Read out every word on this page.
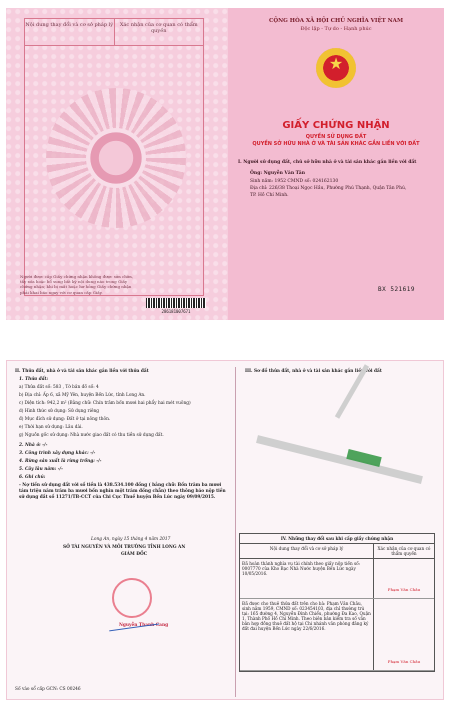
Nội dung thay đổi và cơ sở pháp lý	Xác nhận của cơ quan có thẩm quyền
Người được cấp Giấy chứng nhận không được sửa chữa, tẩy xóa hoặc bổ sung bất kỳ nội dung nào trong Giấy chứng nhận; khi bị mất hoặc hư hỏng Giấy chứng nhận phải khai báo ngay với cơ quan cấp Giấy.
286181007671
CỘNG HÒA XÃ HỘI CHỦ NGHĨA VIỆT NAM
Độc lập - Tự do - Hạnh phúc
★
GIẤY CHỨNG NHẬN
QUYỀN SỬ DỤNG ĐẤT
QUYỀN SỞ HỮU NHÀ Ở VÀ TÀI SẢN KHÁC GẮN LIỀN VỚI ĐẤT
I. Người sử dụng đất, chủ sở hữu nhà ở và tài sản khác gắn liền với đất
Ông: Nguyễn Văn Tân
Sinh năm: 1952 CMND số: 024162130
Địa chỉ: 226/38 Thoại Ngọc Hầu, Phường Phú Thạnh, Quận Tân Phú,
TP. Hồ Chí Minh.
BX 521619
II. Thửa đất, nhà ở và tài sản khác gắn liền với thửa đất
1. Thửa đất:
a) Thửa đất số: 583 , Tờ bản đồ số: 4
b) Địa chỉ: Ấp 6, xã Mỹ Yên, huyện Bến Lức, tỉnh Long An.
c) Diện tích: 942,2 m² (Bằng chữ: Chín trăm bốn mươi hai phẩy hai mét vuông)
d) Hình thức sử dụng: Sử dụng riêng
đ) Mục đích sử dụng: Đất ở tại nông thôn.
e) Thời hạn sử dụng: Lâu dài.
g) Nguồn gốc sử dụng: Nhà nước giao đất có thu tiền sử dụng đất.
2. Nhà ở: -/-
3. Công trình xây dựng khác: -/-
4. Rừng sản xuất là rừng trồng: -/-
5. Cây lâu năm: -/-
6. Ghi chú:
- Nợ tiền sử dụng đất với số tiền là 438.534.100 đồng ( bằng chữ: Bốn trăm ba mươi tám triệu năm trăm ba mươi bốn nghìn một trăm đồng chẵn) theo thông báo nộp tiền sử dụng đất số 11271/TB-CCT của Chi Cục Thuế huyện Bến Lức ngày 09/09/2015.
Long An, ngày 15 tháng 4 năm 2017
SỞ TÀI NGUYÊN VÀ MÔI TRƯỜNG TỈNH LONG AN
GIÁM ĐỐC
Nguyễn Thanh Cang
Số vào sổ cấp GCN: CS 00246
III. Sơ đồ thửa đất, nhà ở và tài sản khác gắn liền với đất
IV. Những thay đổi sau khi cấp giấy chứng nhận
Nội dung thay đổi và cơ sở pháp lý	Xác nhận của cơ quan có thẩm quyền
Đã hoàn thành nghĩa vụ tài chính theo giấy nộp tiền số: 0007770 của Kho Bạc Nhà Nước huyện Bến Lức ngày 10/05/2016.
Phạm Văn Châu
Đã được cho thuê thửa đất trên cho bà: Phạm Văn Châu, sinh năm 1959, CMND số: 023454103, địa chỉ thường trú tại: 165 đường 4, Nguyễn Đình Chiểu, phường Đa Kao, Quận 1, Thành Phố Hồ Chí Minh. Theo biên bản kiểm tra số văn bản hợp đồng thuê đất hộ tại Chi nhánh văn phòng đăng ký đất đai huyện Bến Lức ngày 22/6/2016.
Phạm Văn Châu
